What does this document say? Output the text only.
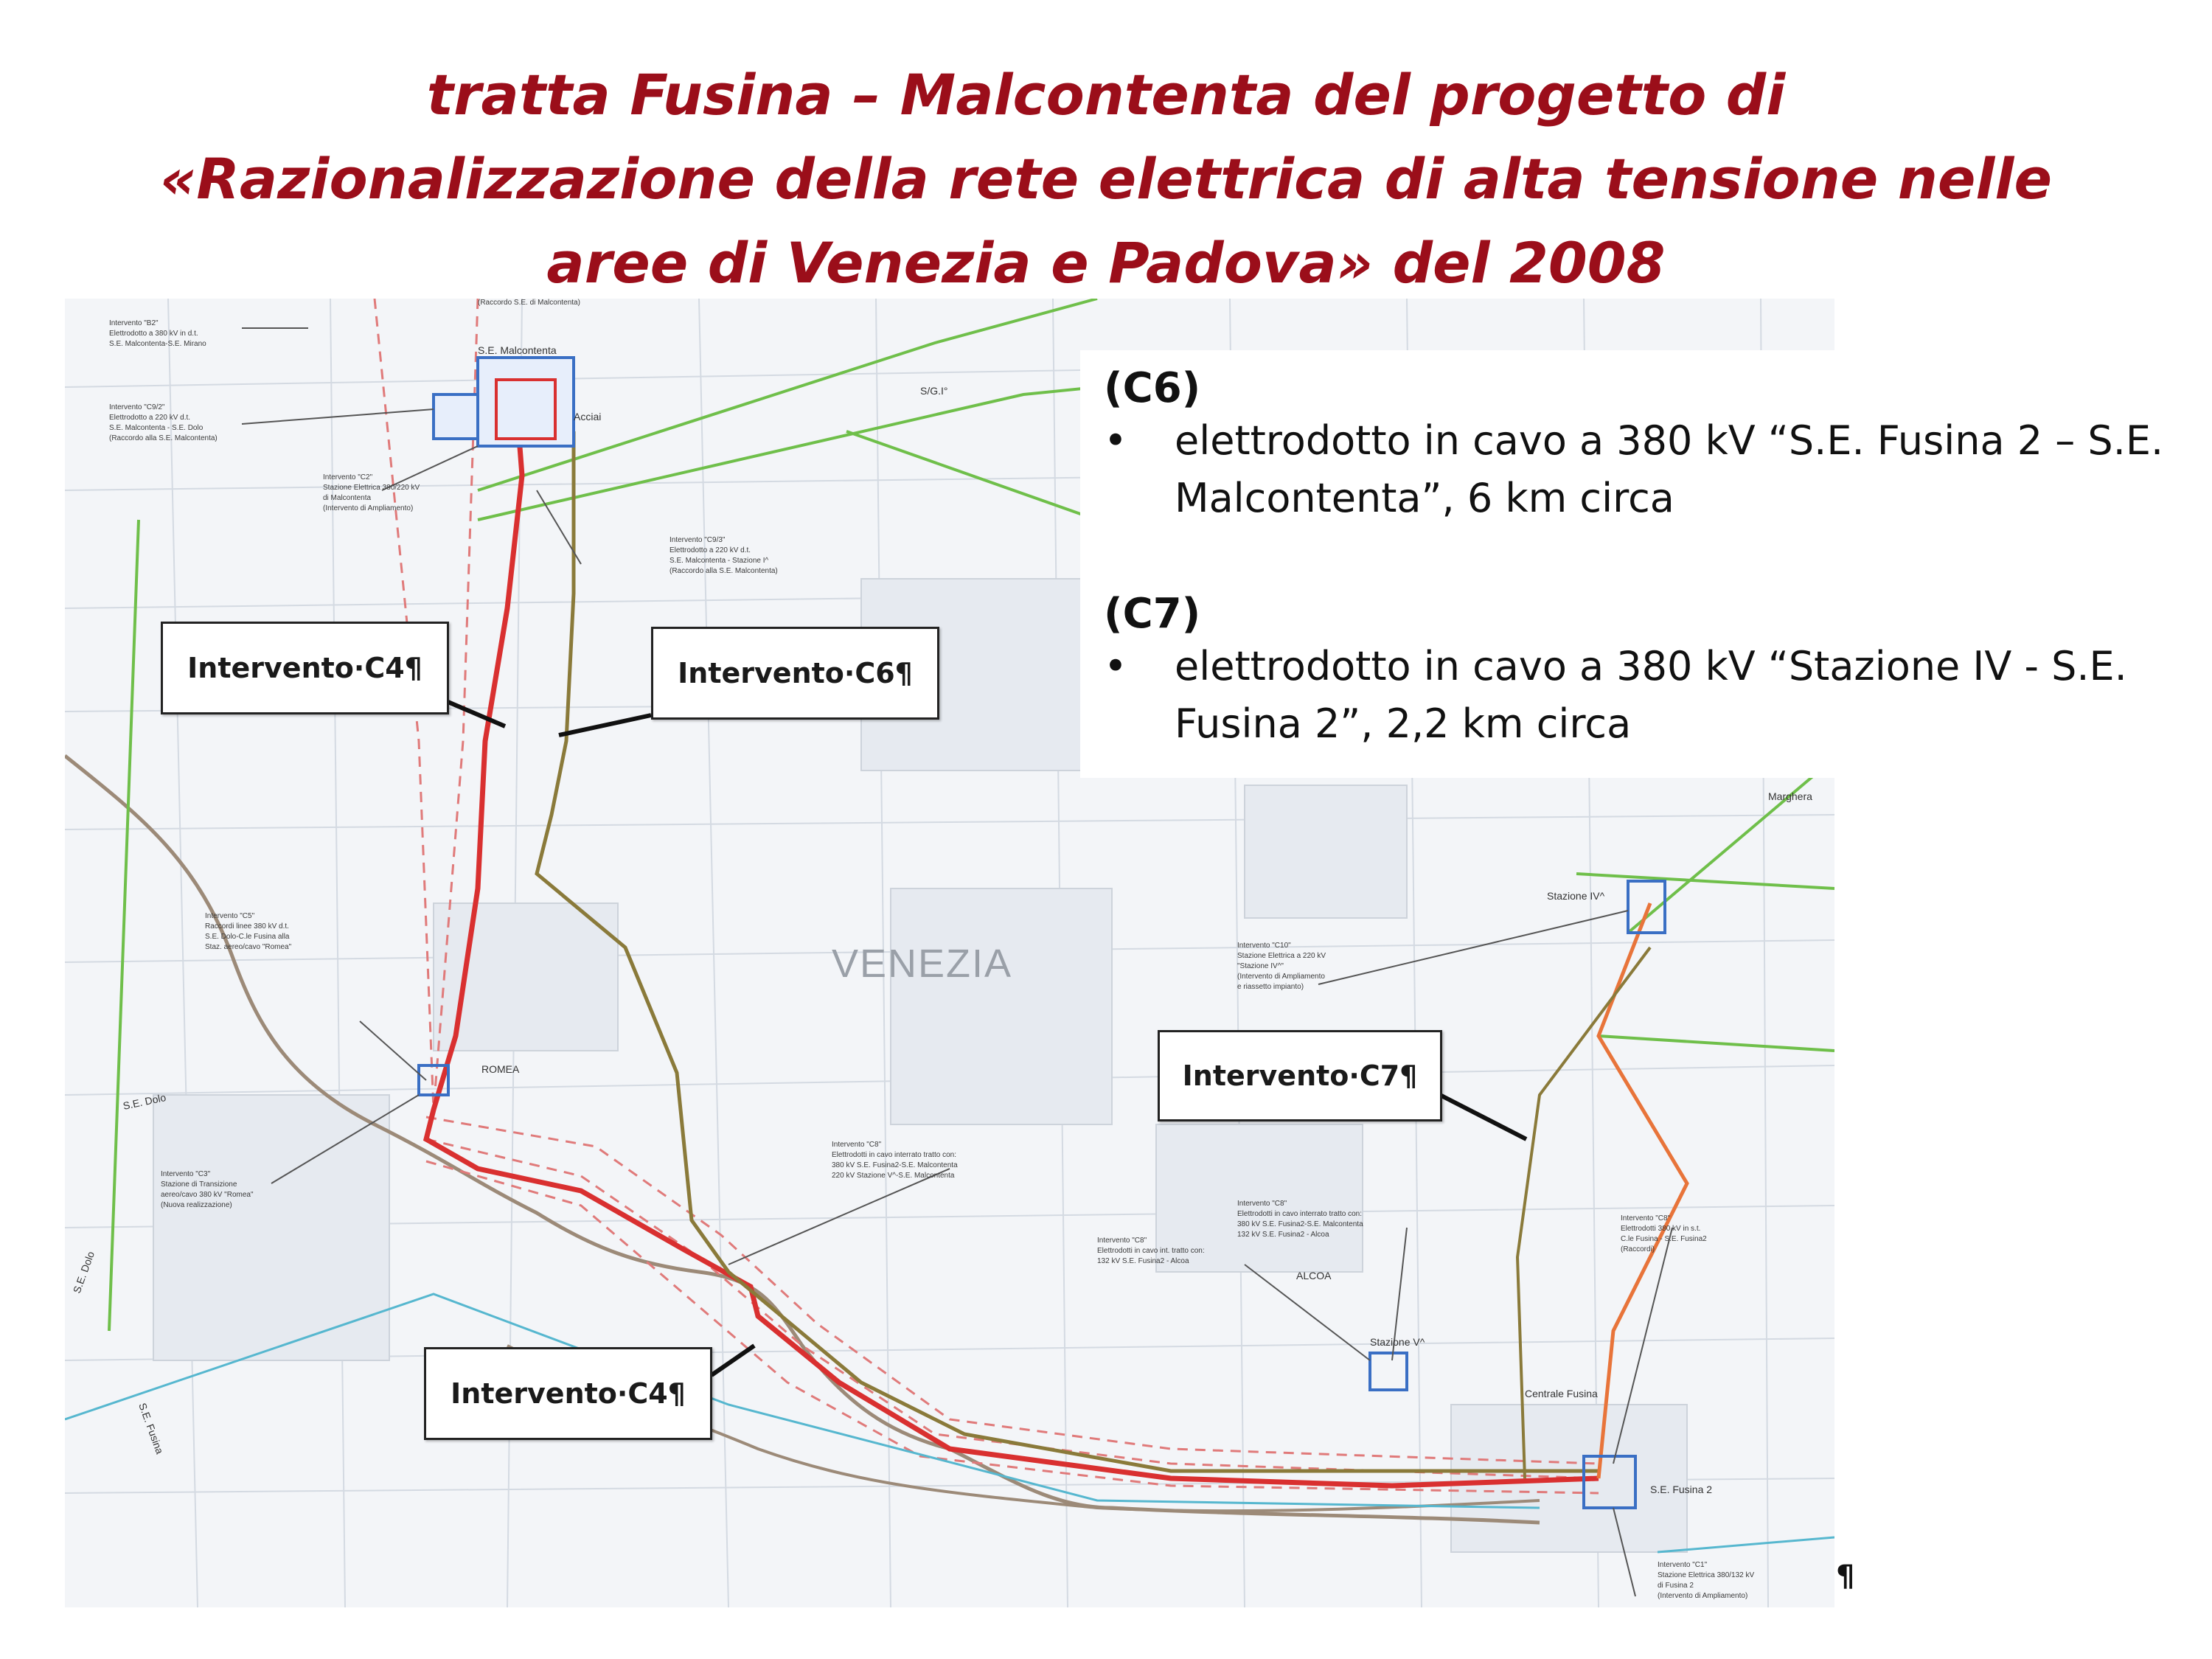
tratta Fusina – Malcontenta del progetto di
«Razionalizzazione della rete elettrica di alta tensione nelle
aree di Venezia e Padova» del 2008
VENEZIA
S.E. Malcontenta
(Raccordo S.E. di Malcontenta)
ROMEA
ALCOA
Stazione V^
Stazione IV^
Centrale Fusina
S.E. Fusina 2
Marghera
Acciai
S/G.I°
S.E. Dolo
S.E. Dolo
S.E. Fusina
Intervento "B2"
Elettrodotto a 380 kV in d.t.
S.E. Malcontenta-S.E. Mirano
Intervento "C9/2"
Elettrodotto a 220 kV d.t.
S.E. Malcontenta - S.E. Dolo
(Raccordo alla S.E. Malcontenta)
Intervento "C2"
Stazione Elettrica 380/220 kV
di Malcontenta
(Intervento di Ampliamento)
Intervento "C9/3"
Elettrodotto a 220 kV d.t.
S.E. Malcontenta - Stazione I^
(Raccordo alla S.E. Malcontenta)
Intervento "C5"
Raccordi linee 380 kV d.t.
S.E. Dolo-C.le Fusina alla
Staz. aereo/cavo "Romea"
Intervento "C3"
Stazione di Transizione
aereo/cavo 380 kV "Romea"
(Nuova realizzazione)
Intervento "C10"
Stazione Elettrica a 220 kV
"Stazione IV^"
(Intervento di Ampliamento
e riassetto impianto)
Intervento "C8"
Elettrodotti in cavo interrato tratto con:
380 kV S.E. Fusina2-S.E. Malcontenta
220 kV Stazione V^-S.E. Malcontenta
Intervento "C8"
Elettrodotti in cavo interrato tratto con:
380 kV S.E. Fusina2-S.E. Malcontenta
132 kV S.E. Fusina2 - Alcoa
Intervento "C8"
Elettrodotti in cavo int. tratto con:
132 kV S.E. Fusina2 - Alcoa
Intervento "C8"
Elettrodotti 380 kV in s.t.
C.le Fusina - S.E. Fusina2
(Raccordi)
Intervento "C1"
Stazione Elettrica 380/132 kV
di Fusina 2
(Intervento di Ampliamento)
Intervento·C4¶	Intervento·C6¶
Intervento·C7¶
Intervento·C4¶
(C6)
• elettrodotto in cavo a 380 kV “S.E. Fusina 2 – S.E. Malcontenta”, 6 km circa
(C7)
• elettrodotto in cavo a 380 kV “Stazione IV - S.E. Fusina 2”, 2,2 km circa
¶
